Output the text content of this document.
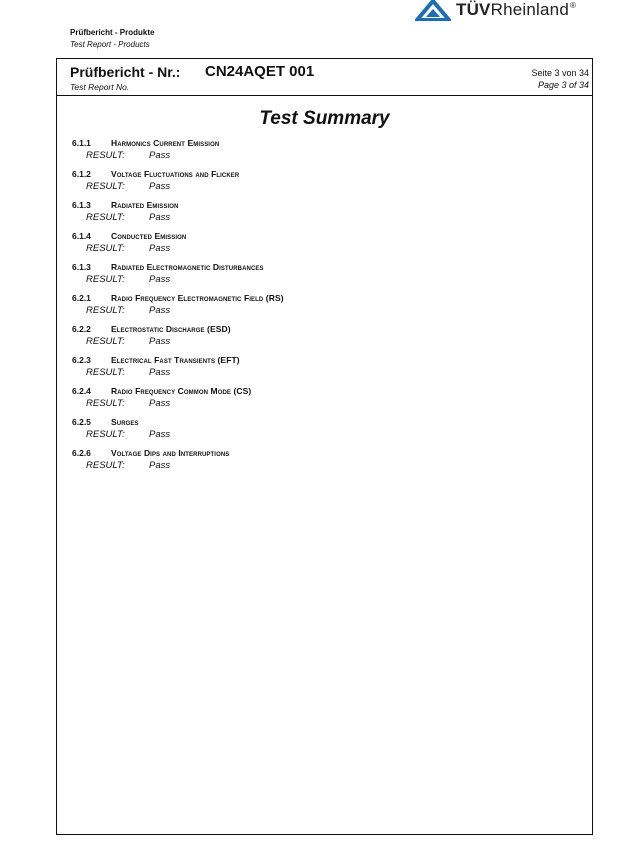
TÜVRheinland®
Prüfbericht - Produkte
Test Report - Products
Prüfbericht - Nr.: CN24AQET 001
Test Report No.
Seite 3 von 34
Page 3 of 34
Test Summary
6.1.1 Harmonics Current Emission
RESULT:	Pass
6.1.2 Voltage Fluctuations and Flicker
RESULT:	Pass
6.1.3 Radiated Emission
RESULT:	Pass
6.1.4 Conducted Emission
RESULT:	Pass
6.1.3 Radiated Electromagnetic Disturbances
RESULT:	Pass
6.2.1 Radio Frequency Electromagnetic Field (RS)
RESULT:	Pass
6.2.2 Electrostatic Discharge (ESD)
RESULT:	Pass
6.2.3 Electrical Fast Transients (EFT)
RESULT:	Pass
6.2.4 Radio Frequency Common Mode (CS)
RESULT:	Pass
6.2.5 Surges
RESULT:	Pass
6.2.6 Voltage Dips and Interruptions
RESULT:	Pass
